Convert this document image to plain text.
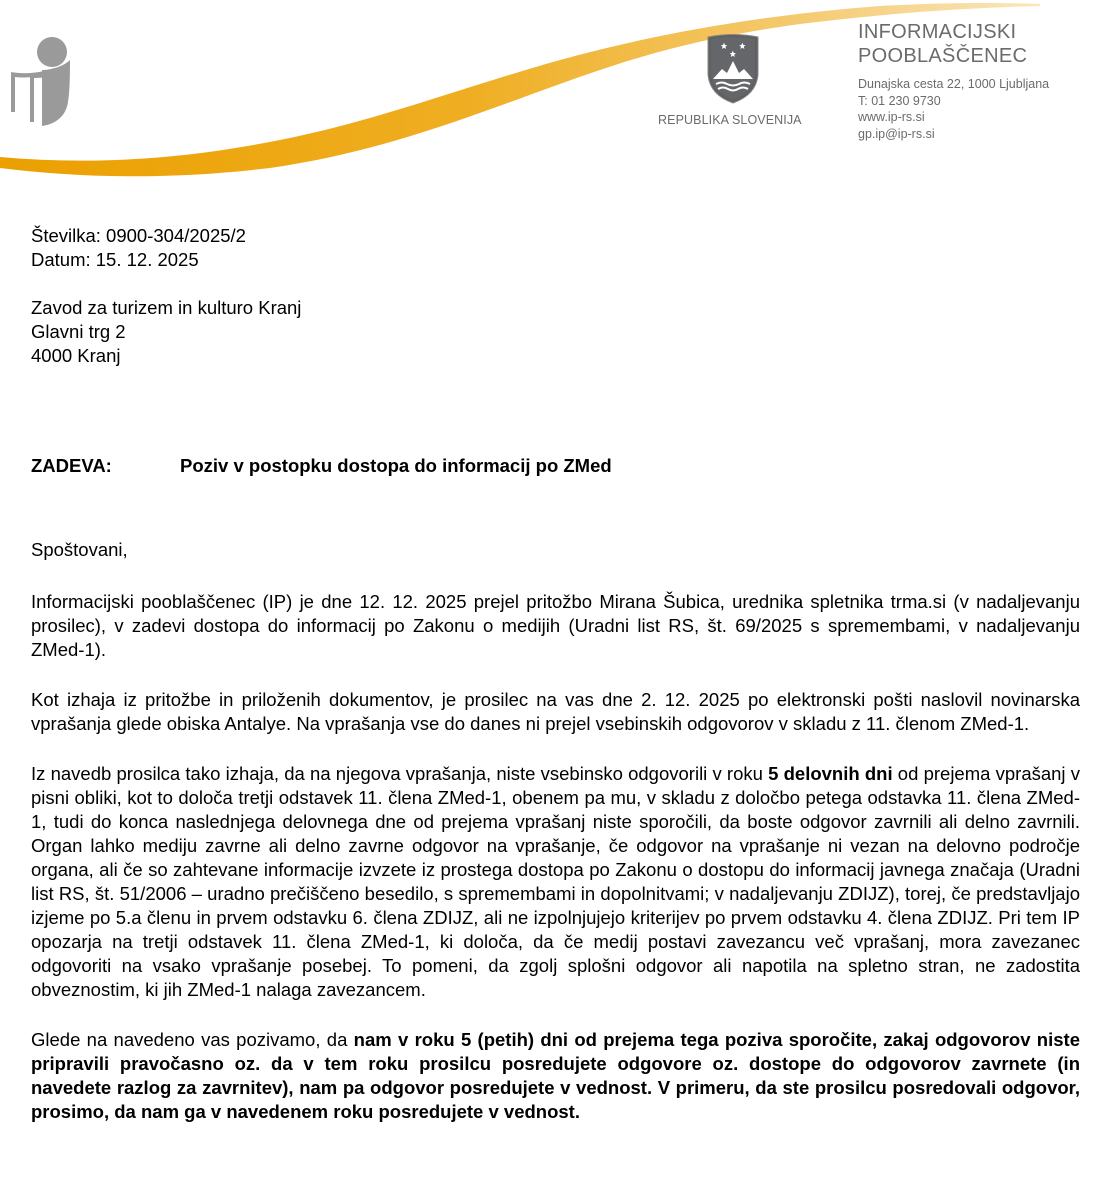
REPUBLIKA SLOVENIJA
INFORMACIJSKI
POOBLAŠČENEC
Dunajska cesta 22, 1000 Ljubljana
T: 01 230 9730
www.ip-rs.si
gp.ip@ip-rs.si

Številka: 0900-304/2025/2

Datum: 15. 12. 2025

Zavod za turizem in kulturo Kranj

Glavni trg 2

4000 Kranj

ZADEVA:	Poziv v postopku dostopa do informacij po ZMed

Spoštovani,

Informacijski pooblaščenec (IP) je dne 12. 12. 2025 prejel pritožbo Mirana Šubica, urednika spletnika trma.si (v nadaljevanju prosilec), v zadevi dostopa do informacij po Zakonu o medijih (Uradni list RS, št. 69/2025 s spremembami, v nadaljevanju ZMed-1).

Kot izhaja iz pritožbe in priloženih dokumentov, je prosilec na vas dne 2. 12. 2025 po elektronski pošti naslovil novinarska vprašanja glede obiska Antalye. Na vprašanja vse do danes ni prejel vsebinskih odgovorov v skladu z 11. členom ZMed-1.

Iz navedb prosilca tako izhaja, da na njegova vprašanja, niste vsebinsko odgovorili v roku 5 delovnih dni od prejema vprašanj v pisni obliki, kot to določa tretji odstavek 11. člena ZMed-1, obenem pa mu, v skladu z določbo petega odstavka 11. člena ZMed-1, tudi do konca naslednjega delovnega dne od prejema vprašanj niste sporočili, da boste odgovor zavrnili ali delno zavrnili. Organ lahko mediju zavrne ali delno zavrne odgovor na vprašanje, če odgovor na vprašanje ni vezan na delovno področje organa, ali če so zahtevane informacije izvzete iz prostega dostopa po Zakonu o dostopu do informacij javnega značaja (Uradni list RS, št. 51/2006 – uradno prečiščeno besedilo, s spremembami in dopolnitvami; v nadaljevanju ZDIJZ), torej, če predstavljajo izjeme po 5.a členu in prvem odstavku 6. člena ZDIJZ, ali ne izpolnjujejo kriterijev po prvem odstavku 4. člena ZDIJZ. Pri tem IP opozarja na tretji odstavek 11. člena ZMed-1, ki določa, da če medij postavi zavezancu več vprašanj, mora zavezanec odgovoriti na vsako vprašanje posebej. To pomeni, da zgolj splošni odgovor ali napotila na spletno stran, ne zadostita obveznostim, ki jih ZMed-1 nalaga zavezancem.

Glede na navedeno vas pozivamo, da nam v roku 5 (petih) dni od prejema tega poziva sporočite, zakaj odgovorov niste pripravili pravočasno oz. da v tem roku prosilcu posredujete odgovore oz. dostope do odgovorov zavrnete (in navedete razlog za zavrnitev), nam pa odgovor posredujete v vednost. V primeru, da ste prosilcu posredovali odgovor, prosimo, da nam ga v navedenem roku posredujete v vednost.
